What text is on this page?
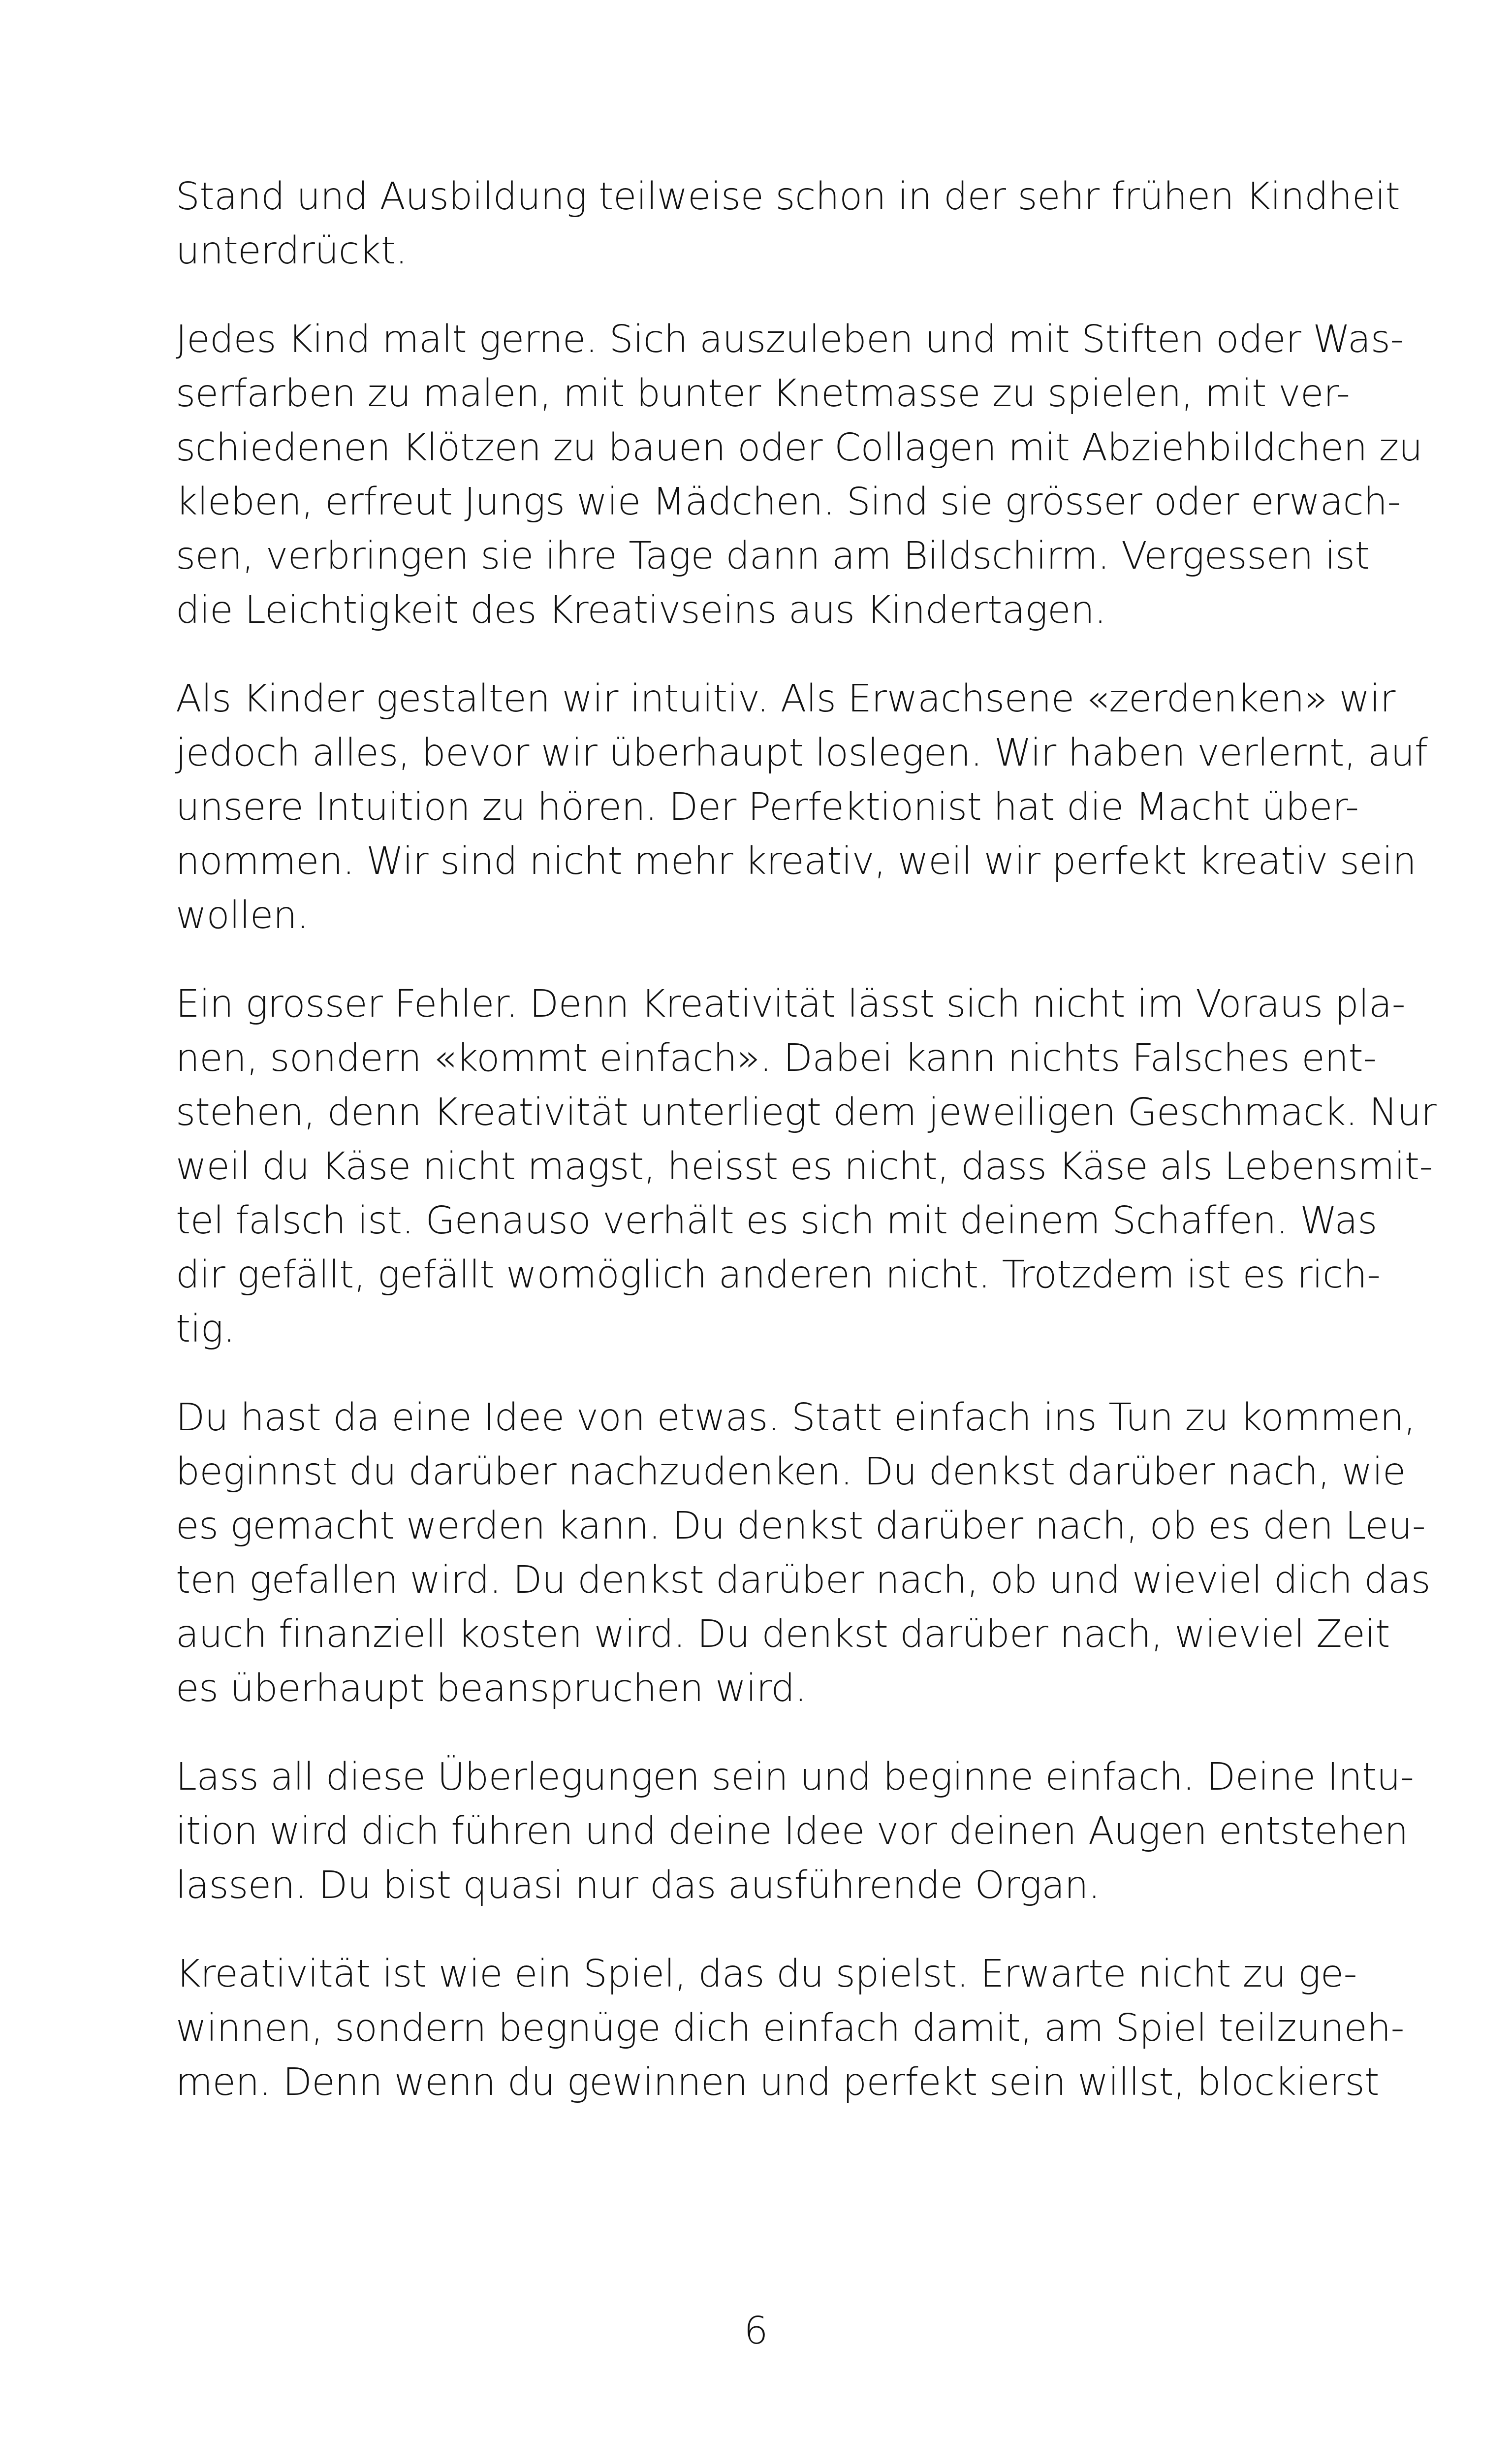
Stand und Ausbildung teilweise schon in der sehr frühen Kindheit
unterdrückt.

Jedes Kind malt gerne. Sich auszuleben und mit Stiften oder Was-
serfarben zu malen, mit bunter Knetmasse zu spielen, mit ver-
schiedenen Klötzen zu bauen oder Collagen mit Abziehbildchen zu
kleben, erfreut Jungs wie Mädchen. Sind sie grösser oder erwach-
sen, verbringen sie ihre Tage dann am Bildschirm. Vergessen ist
die Leichtigkeit des Kreativseins aus Kindertagen.

Als Kinder gestalten wir intuitiv. Als Erwachsene «zerdenken» wir
jedoch alles, bevor wir überhaupt loslegen. Wir haben verlernt, auf
unsere Intuition zu hören. Der Perfektionist hat die Macht über-
nommen. Wir sind nicht mehr kreativ, weil wir perfekt kreativ sein
wollen.

Ein grosser Fehler. Denn Kreativität lässt sich nicht im Voraus pla-
nen, sondern «kommt einfach». Dabei kann nichts Falsches ent-
stehen, denn Kreativität unterliegt dem jeweiligen Geschmack. Nur
weil du Käse nicht magst, heisst es nicht, dass Käse als Lebensmit-
tel falsch ist. Genauso verhält es sich mit deinem Schaffen. Was
dir gefällt, gefällt womöglich anderen nicht. Trotzdem ist es rich-
tig.

Du hast da eine Idee von etwas. Statt einfach ins Tun zu kommen,
beginnst du darüber nachzudenken. Du denkst darüber nach, wie
es gemacht werden kann. Du denkst darüber nach, ob es den Leu-
ten gefallen wird. Du denkst darüber nach, ob und wieviel dich das
auch finanziell kosten wird. Du denkst darüber nach, wieviel Zeit
es überhaupt beanspruchen wird.

Lass all diese Überlegungen sein und beginne einfach. Deine Intu-
ition wird dich führen und deine Idee vor deinen Augen entstehen
lassen. Du bist quasi nur das ausführende Organ.

Kreativität ist wie ein Spiel, das du spielst. Erwarte nicht zu ge-
winnen, sondern begnüge dich einfach damit, am Spiel teilzuneh-
men. Denn wenn du gewinnen und perfekt sein willst, blockierst

6
